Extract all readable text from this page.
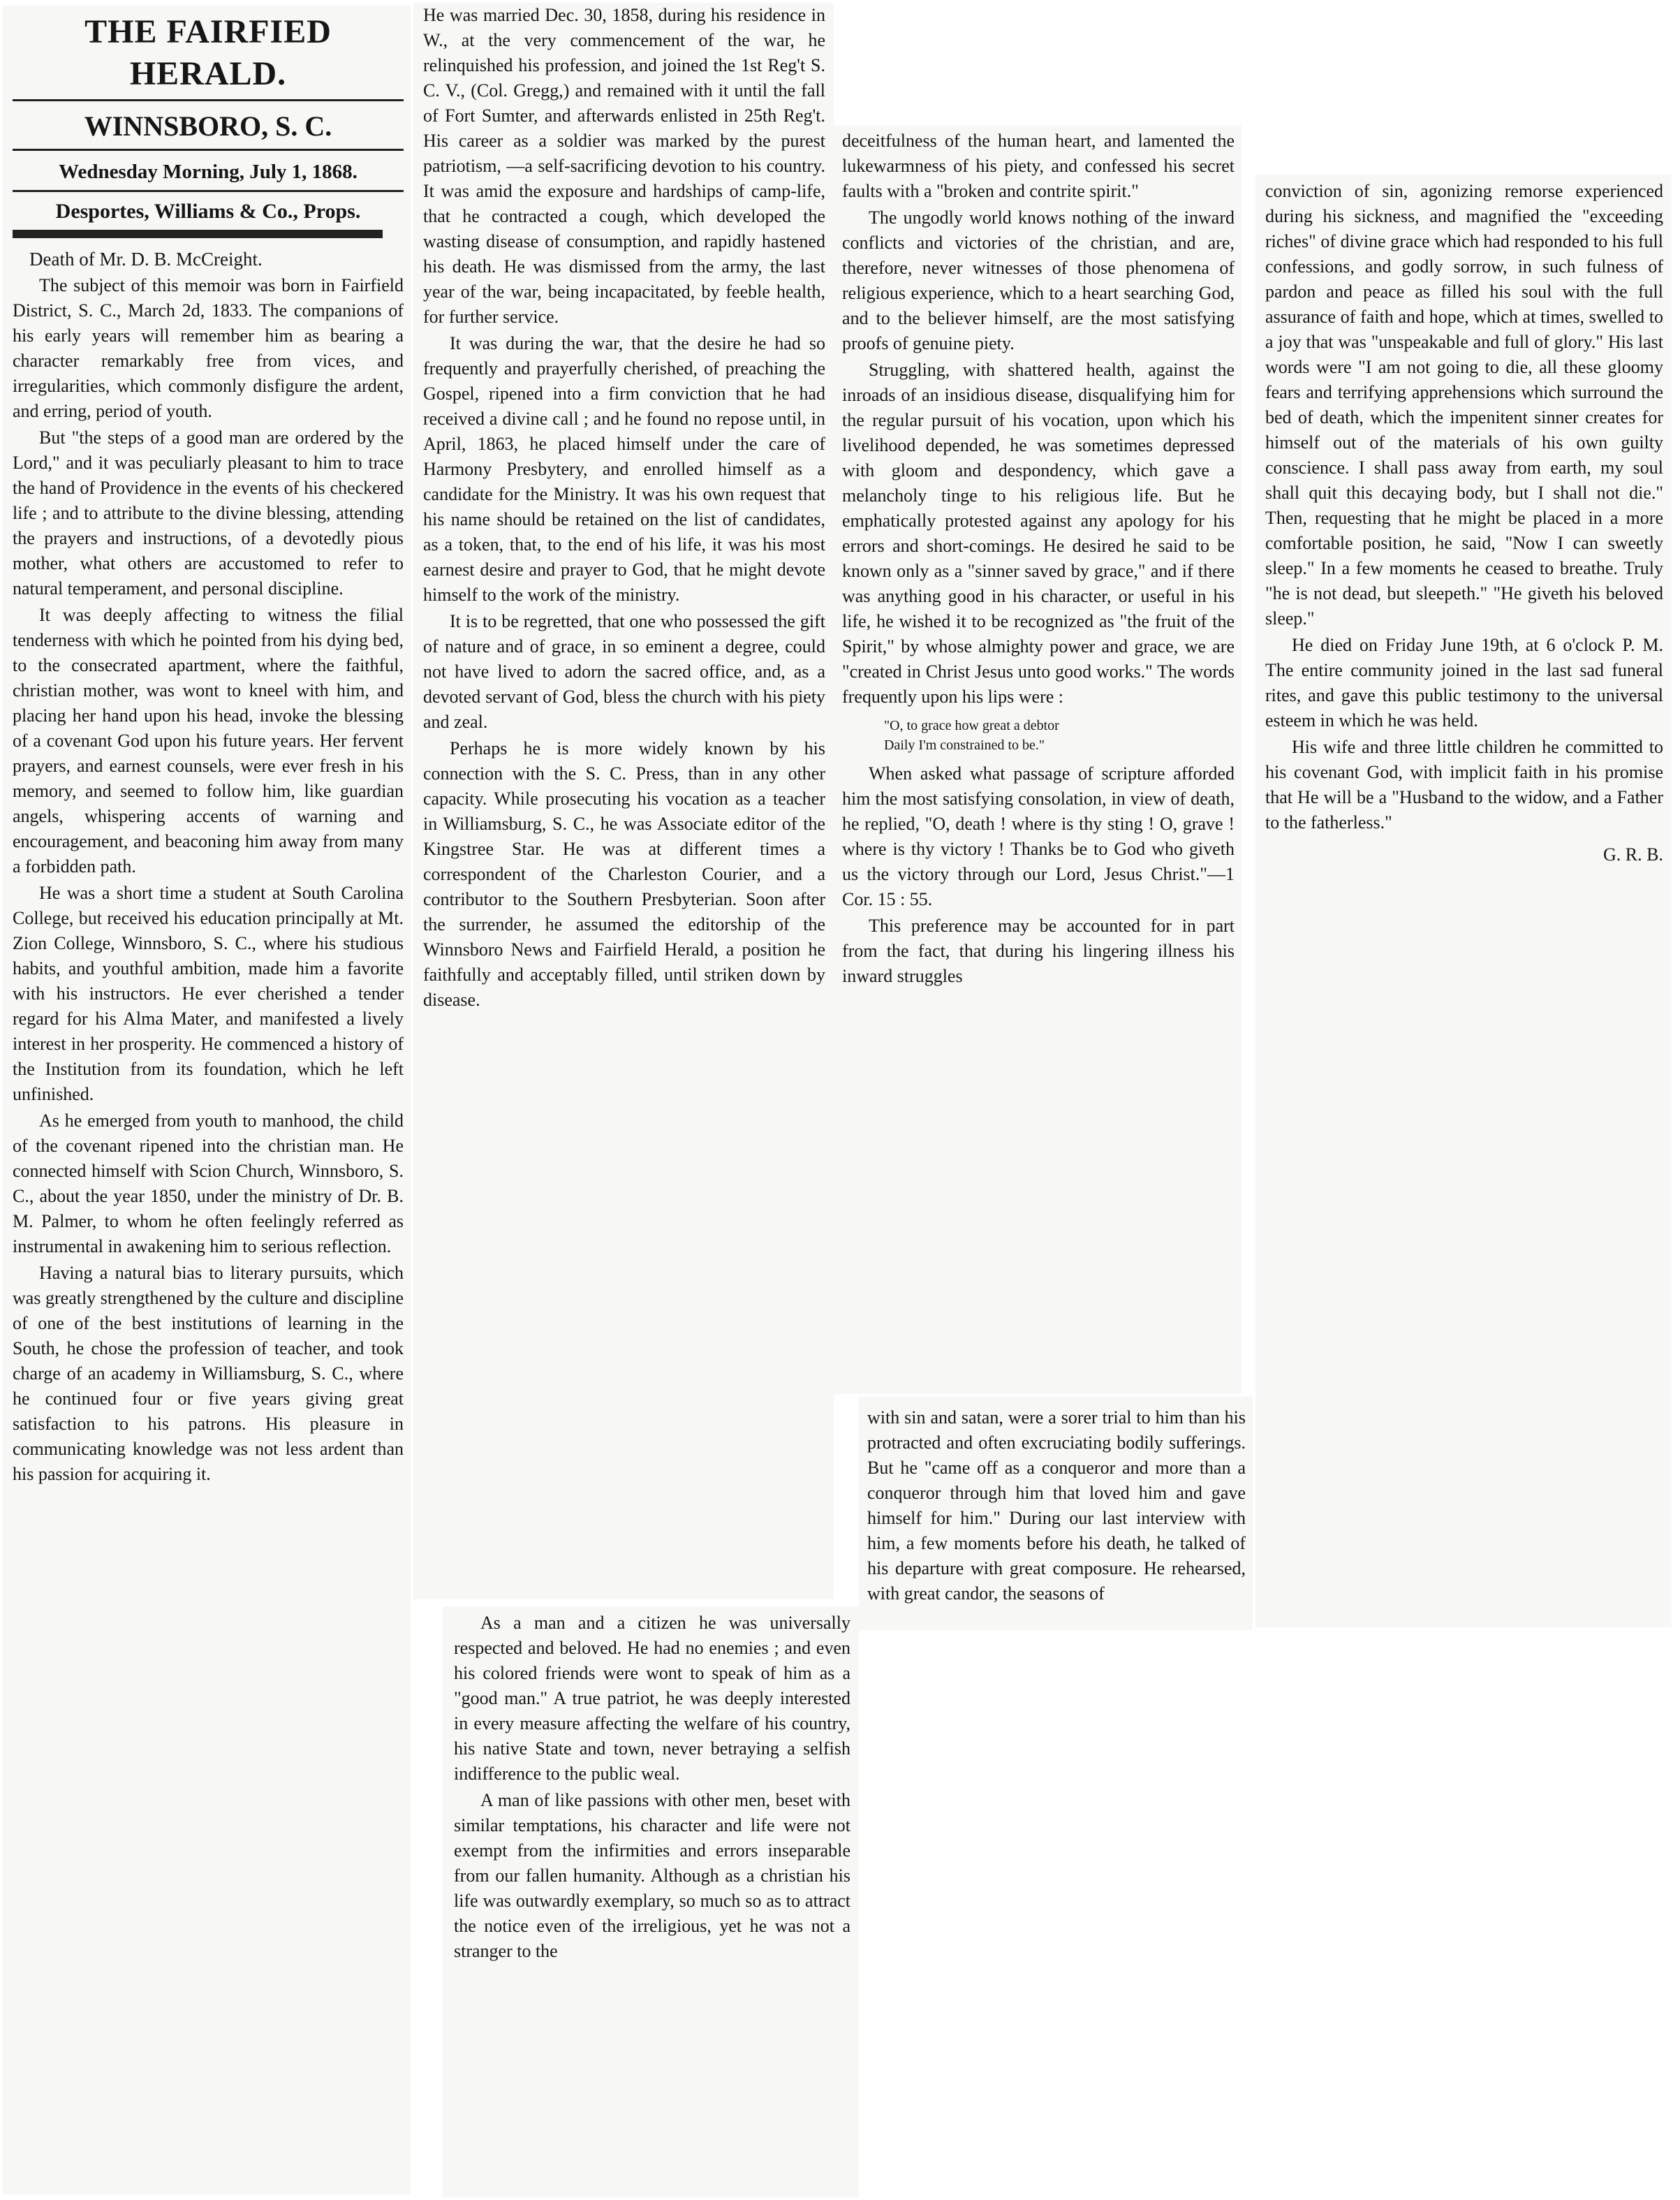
THE FAIRFIED HERALD.
WINNSBORO, S. C.
Wednesday Morning, July 1, 1868.
Desportes, Williams & Co., Props.

Death of Mr. D. B. McCreight.

The subject of this memoir was born in Fairfield District, S. C., March 2d, 1833. The companions of his early years will remember him as bearing a character remarkably free from vices, and irregularities, which commonly disfigure the ardent, and erring, period of youth.

But "the steps of a good man are ordered by the Lord," and it was peculiarly pleasant to him to trace the hand of Providence in the events of his checkered life ; and to attribute to the divine blessing, attending the prayers and instructions, of a devotedly pious mother, what others are accustomed to refer to natural temperament, and personal discipline.

It was deeply affecting to witness the filial tenderness with which he pointed from his dying bed, to the consecrated apartment, where the faithful, christian mother, was wont to kneel with him, and placing her hand upon his head, invoke the blessing of a covenant God upon his future years. Her fervent prayers, and earnest counsels, were ever fresh in his memory, and seemed to follow him, like guardian angels, whispering accents of warning and encouragement, and beaconing him away from many a forbidden path.

He was a short time a student at South Carolina College, but received his education principally at Mt. Zion College, Winnsboro, S. C., where his studious habits, and youthful ambition, made him a favorite with his instructors. He ever cherished a tender regard for his Alma Mater, and manifested a lively interest in her prosperity. He commenced a history of the Institution from its foundation, which he left unfinished.

As he emerged from youth to manhood, the child of the covenant ripened into the christian man. He connected himself with Scion Church, Winnsboro, S. C., about the year 1850, under the ministry of Dr. B. M. Palmer, to whom he often feelingly referred as instrumental in awakening him to serious reflection.

Having a natural bias to literary pursuits, which was greatly strengthened by the culture and discipline of one of the best institutions of learning in the South, he chose the profession of teacher, and took charge of an academy in Williamsburg, S. C., where he continued four or five years giving great satisfaction to his patrons. His pleasure in communicating knowledge was not less ardent than his passion for acquiring it.

He was married Dec. 30, 1858, during his residence in W., at the very commencement of the war, he relinquished his profession, and joined the 1st Reg't S. C. V., (Col. Gregg,) and remained with it until the fall of Fort Sumter, and afterwards enlisted in 25th Reg't. His career as a soldier was marked by the purest patriotism, —a self-sacrificing devotion to his country. It was amid the exposure and hardships of camp-life, that he contracted a cough, which developed the wasting disease of consumption, and rapidly hastened his death. He was dismissed from the army, the last year of the war, being incapacitated, by feeble health, for further service.

It was during the war, that the desire he had so frequently and prayerfully cherished, of preaching the Gospel, ripened into a firm conviction that he had received a divine call ; and he found no repose until, in April, 1863, he placed himself under the care of Harmony Presbytery, and enrolled himself as a candidate for the Ministry. It was his own request that his name should be retained on the list of candidates, as a token, that, to the end of his life, it was his most earnest desire and prayer to God, that he might devote himself to the work of the ministry.

It is to be regretted, that one who possessed the gift of nature and of grace, in so eminent a degree, could not have lived to adorn the sacred office, and, as a devoted servant of God, bless the church with his piety and zeal.

Perhaps he is more widely known by his connection with the S. C. Press, than in any other capacity. While prosecuting his vocation as a teacher in Williamsburg, S. C., he was Associate editor of the Kingstree Star. He was at different times a correspondent of the Charleston Courier, and a contributor to the Southern Presbyterian. Soon after the surrender, he assumed the editorship of the Winnsboro News and Fairfield Herald, a position he faithfully and acceptably filled, until striken down by disease.

As a man and a citizen he was universally respected and beloved. He had no enemies ; and even his colored friends were wont to speak of him as a "good man." A true patriot, he was deeply interested in every measure affecting the welfare of his country, his native State and town, never betraying a selfish indifference to the public weal.

A man of like passions with other men, beset with similar temptations, his character and life were not exempt from the infirmities and errors inseparable from our fallen humanity. Although as a christian his life was outwardly exemplary, so much so as to attract the notice even of the irreligious, yet he was not a stranger to the

deceitfulness of the human heart, and lamented the lukewarmness of his piety, and confessed his secret faults with a "broken and contrite spirit."

The ungodly world knows nothing of the inward conflicts and victories of the christian, and are, therefore, never witnesses of those phenomena of religious experience, which to a heart searching God, and to the believer himself, are the most satisfying proofs of genuine piety.

Struggling, with shattered health, against the inroads of an insidious disease, disqualifying him for the regular pursuit of his vocation, upon which his livelihood depended, he was sometimes depressed with gloom and despondency, which gave a melancholy tinge to his religious life. But he emphatically protested against any apology for his errors and short-comings. He desired he said to be known only as a "sinner saved by grace," and if there was anything good in his character, or useful in his life, he wished it to be recognized as "the fruit of the Spirit," by whose almighty power and grace, we are "created in Christ Jesus unto good works." The words frequently upon his lips were :

"O, to grace how great a debtor

Daily I'm constrained to be."

When asked what passage of scripture afforded him the most satisfying consolation, in view of death, he replied, "O, death ! where is thy sting ! O, grave ! where is thy victory ! Thanks be to God who giveth us the victory through our Lord, Jesus Christ."—1 Cor. 15 : 55.

This preference may be accounted for in part from the fact, that during his lingering illness his inward struggles

with sin and satan, were a sorer trial to him than his protracted and often excruciating bodily sufferings. But he "came off as a conqueror and more than a conqueror through him that loved him and gave himself for him." During our last interview with him, a few moments before his death, he talked of his departure with great composure. He rehearsed, with great candor, the seasons of

conviction of sin, agonizing remorse experienced during his sickness, and magnified the "exceeding riches" of divine grace which had responded to his full confessions, and godly sorrow, in such fulness of pardon and peace as filled his soul with the full assurance of faith and hope, which at times, swelled to a joy that was "unspeakable and full of glory." His last words were "I am not going to die, all these gloomy fears and terrifying apprehensions which surround the bed of death, which the impenitent sinner creates for himself out of the materials of his own guilty conscience. I shall pass away from earth, my soul shall quit this decaying body, but I shall not die." Then, requesting that he might be placed in a more comfortable position, he said, "Now I can sweetly sleep." In a few moments he ceased to breathe. Truly "he is not dead, but sleepeth." "He giveth his beloved sleep."

He died on Friday June 19th, at 6 o'clock P. M. The entire community joined in the last sad funeral rites, and gave this public testimony to the universal esteem in which he was held.

His wife and three little children he committed to his covenant God, with implicit faith in his promise that He will be a "Husband to the widow, and a Father to the fatherless."

G. R. B.
